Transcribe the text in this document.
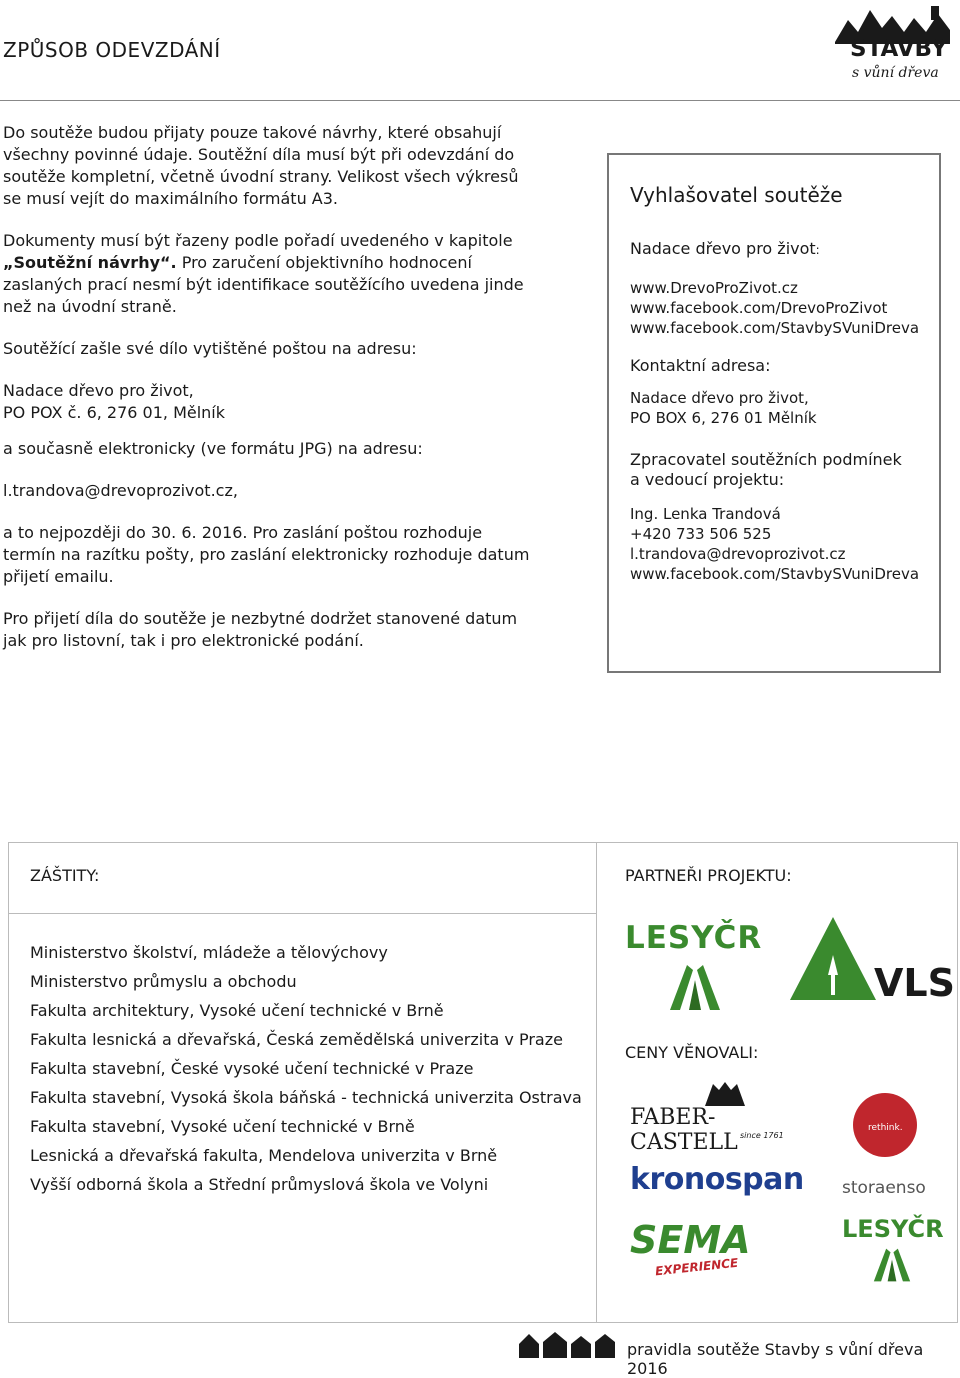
ZPŮSOB ODEVZDÁNÍ	STAVBY
s vůní dřeva

Do soutěže budou přijaty pouze takové návrhy, které obsahují všechny povinné údaje. Soutěžní díla musí být při odevzdání do soutěže kompletní, včetně úvodní strany. Velikost všech výkresů se musí vejít do maximálního formátu A3.

Dokumenty musí být řazeny podle pořadí uvedeného v kapitole „Soutěžní návrhy“. Pro zaručení objektivního hodnocení zaslaných prací nesmí být identifikace soutěžícího uvedena jinde než na úvodní straně.

Soutěžící zašle své dílo vytištěné poštou na adresu:

Nadace dřevo pro život,
PO POX č. 6, 276 01, Mělník

a současně elektronicky (ve formátu JPG) na adresu:

l.trandova@drevoprozivot.cz,

a to nejpozději do 30. 6. 2016. Pro zaslání poštou rozhoduje termín na razítku pošty, pro zaslání elektronicky rozhoduje datum přijetí emailu.

Pro přijetí díla do soutěže je nezbytné dodržet stanovené datum jak pro listovní, tak i pro elektronické podání.

Vyhlašovatel soutěže
Nadace dřevo pro život:

www.DrevoProZivot.cz

www.facebook.com/DrevoProZivot

www.facebook.com/StavbySVuniDreva

Kontaktní adresa:

Nadace dřevo pro život,

PO BOX 6, 276 01 Mělník

Zpracovatel soutěžních podmínek
a vedoucí projektu:

Ing. Lenka Trandová

+420 733 506 525

l.trandova@drevoprozivot.cz

www.facebook.com/StavbySVuniDreva

ZÁŠTITY:
Ministerstvo školství, mládeže a tělovýchovy
Ministerstvo průmyslu a obchodu
Fakulta architektury, Vysoké učení technické v Brně
Fakulta lesnická a dřevařská, Česká zemědělská univerzita v Praze
Fakulta stavební, České vysoké učení technické v Praze
Fakulta stavební, Vysoká škola báňská - technická univerzita Ostrava
Fakulta stavební, Vysoké učení technické v Brně
Lesnická a dřevařská fakulta, Mendelova univerzita v Brně
Vyšší odborná škola a Střední průmyslová škola ve Volyni
PARTNEŘI PROJEKTU:
LESYČR
VLS
CENY VĚNOVALI:
FABER-CASTELL since 1761
rethink.
storaenso
kronospan
SEMA
EXPERIENCE
LESYČR
pravidla soutěže Stavby s vůní dřeva 2016
